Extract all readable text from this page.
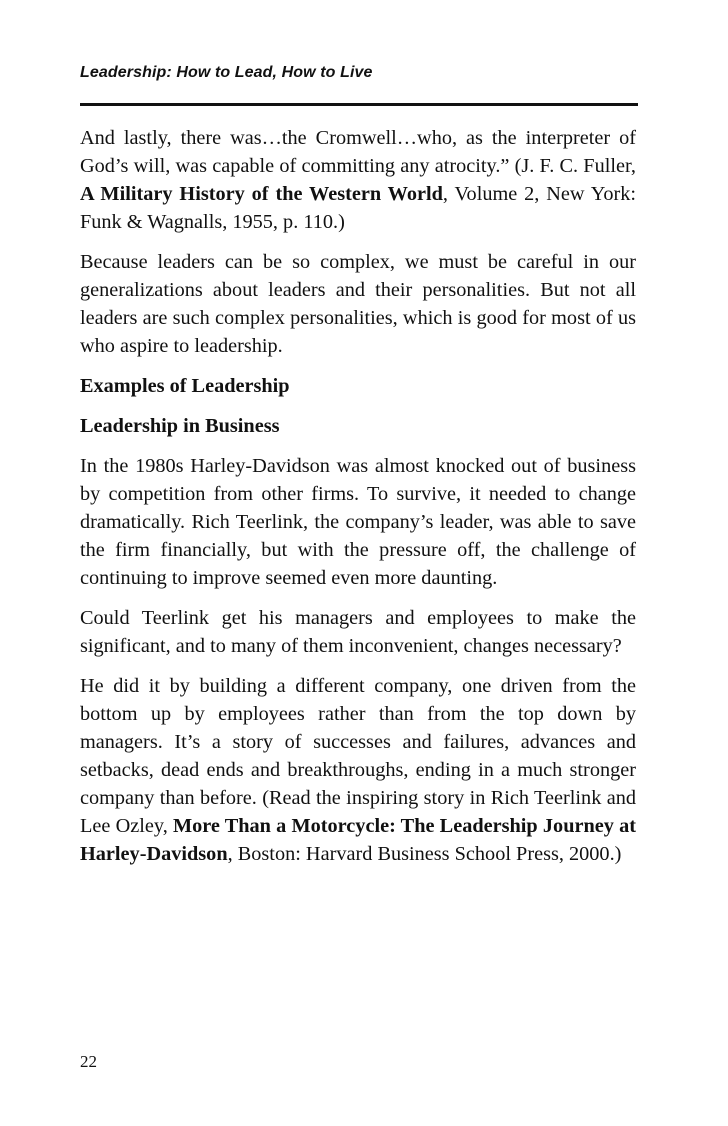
Leadership: How to Lead, How to Live

And lastly, there was…the Cromwell…who, as the interpreter of God’s will, was capable of committing any atrocity.” (J. F. C. Fuller, A Military History of the Western World, Volume 2, New York: Funk & Wagnalls, 1955, p. 110.)

Because leaders can be so complex, we must be careful in our generalizations about leaders and their personalities. But not all leaders are such complex personalities, which is good for most of us who aspire to leadership.

Examples of Leadership
Leadership in Business

In the 1980s Harley-Davidson was almost knocked out of business by competition from other firms. To survive, it needed to change dramatically. Rich Teerlink, the company’s leader, was able to save the firm financially, but with the pressure off, the challenge of continuing to improve seemed even more daunting.

Could Teerlink get his managers and employees to make the significant, and to many of them inconvenient, changes necessary?

He did it by building a different company, one driven from the bottom up by employees rather than from the top down by managers. It’s a story of successes and failures, advances and setbacks, dead ends and breakthroughs, ending in a much stronger company than before. (Read the inspiring story in Rich Teerlink and Lee Ozley, More Than a Motorcycle: The Leadership Journey at Harley-Davidson, Boston: Harvard Business School Press, 2000.)

22
